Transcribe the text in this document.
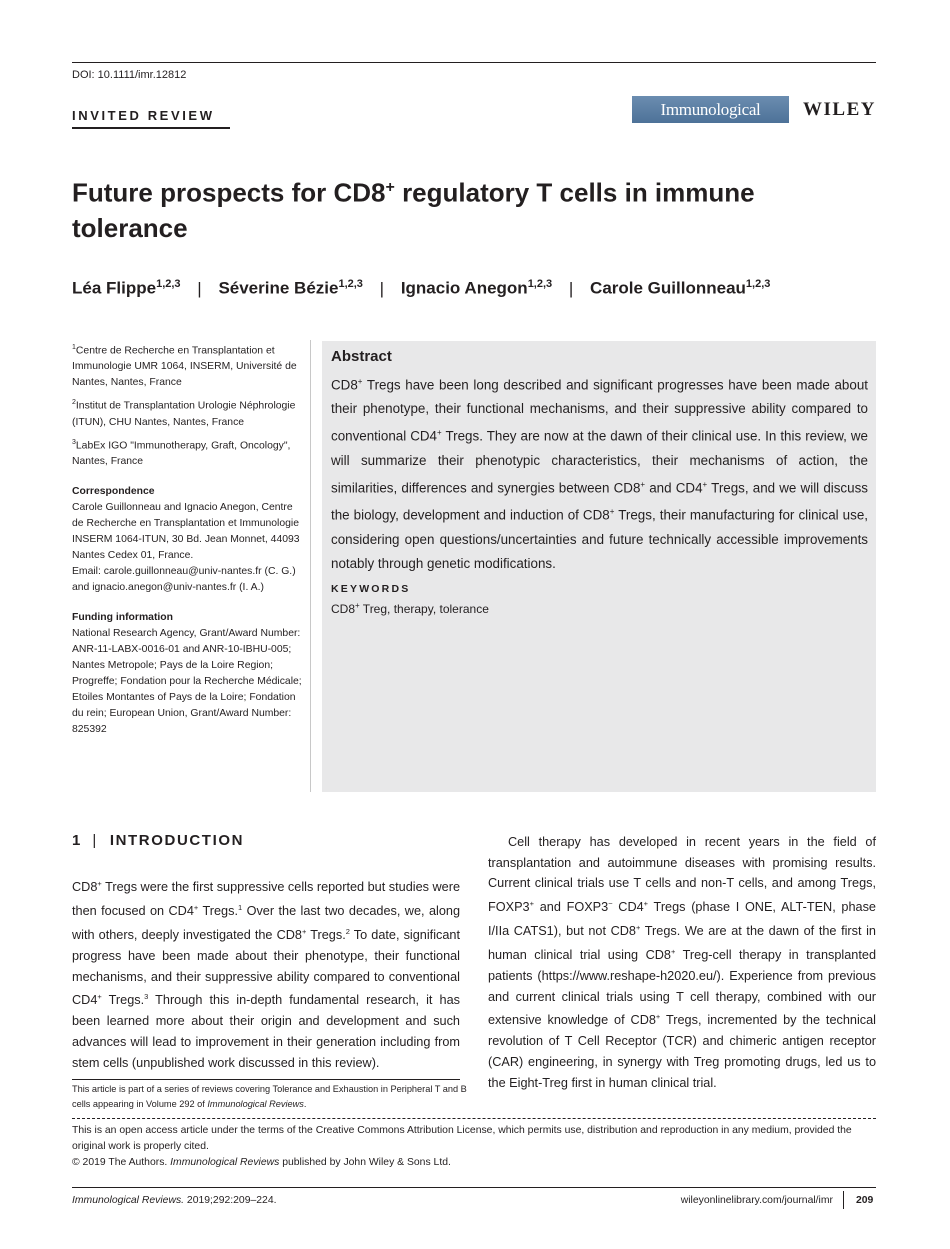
DOI: 10.1111/imr.12812
INVITED REVIEW	Immunological Reviews
WILEY
Future prospects for CD8+ regulatory T cells in immune tolerance
Léa Flippe$^{1,2,3}$ | Séverine Bézie$^{1,2,3}$ | Ignacio Anegon$^{1,2,3}$ | Carole Guillonneau$^{1,2,3}$

$^1$Centre de Recherche en Transplantation et Immunologie UMR 1064, INSERM, Université de Nantes, Nantes, France

$^2$Institut de Transplantation Urologie Néphrologie (ITUN), CHU Nantes, Nantes, France

$^3$LabEx IGO "Immunotherapy, Graft, Oncology", Nantes, France

Correspondence
Carole Guillonneau and Ignacio Anegon, Centre de Recherche en Transplantation et Immunologie INSERM 1064-ITUN, 30 Bd. Jean Monnet, 44093 Nantes Cedex 01, France.
Email: carole.guillonneau@univ-nantes.fr (C. G.) and ignacio.anegon@univ-nantes.fr (I. A.)
Funding information
National Research Agency, Grant/Award Number: ANR-11-LABX-0016-01 and ANR-10-IBHU-005; Nantes Metropole; Pays de la Loire Region; Progreffe; Fondation pour la Recherche Médicale; Etoiles Montantes of Pays de la Loire; Fondation du rein; European Union, Grant/Award Number: 825392
Abstract
CD8+ Tregs have been long described and significant progresses have been made about their phenotype, their functional mechanisms, and their suppressive ability compared to conventional CD4+ Tregs. They are now at the dawn of their clinical use. In this review, we will summarize their phenotypic characteristics, their mechanisms of action, the similarities, differences and synergies between CD8+ and CD4+ Tregs, and we will discuss the biology, development and induction of CD8+ Tregs, their manufacturing for clinical use, considering open questions/uncertainties and future technically accessible improvements notably through genetic modifications.
KEYWORDS
CD8+ Treg, therapy, tolerance
1 | INTRODUCTION
CD8+ Tregs were the first suppressive cells reported but studies were then focused on CD4+ Tregs.$^1$ Over the last two decades, we, along with others, deeply investigated the CD8+ Tregs.$^2$ To date, significant progress have been made about their phenotype, their functional mechanisms, and their suppressive ability compared to conventional CD4+ Tregs.$^3$ Through this in-depth fundamental research, it has been learned more about their origin and development and such advances will lead to improvement in their generation including from stem cells (unpublished work discussed in this review).
Cell therapy has developed in recent years in the field of transplantation and autoimmune diseases with promising results. Current clinical trials use T cells and non-T cells, and among Tregs, FOXP3+ and FOXP3− CD4+ Tregs (phase I ONE, ALT-TEN, phase I/IIa CATS1), but not CD8+ Tregs. We are at the dawn of the first in human clinical trial using CD8+ Treg-cell therapy in transplanted patients (https://www.reshape-h2020.eu/). Experience from previous and current clinical trials using T cell therapy, combined with our extensive knowledge of CD8+ Tregs, incremented by the technical revolution of T Cell Receptor (TCR) and chimeric antigen receptor (CAR) engineering, in synergy with Treg promoting drugs, led us to the Eight-Treg first in human clinical trial.
This article is part of a series of reviews covering Tolerance and Exhaustion in Peripheral T and B cells appearing in Volume 292 of Immunological Reviews.
This is an open access article under the terms of the Creative Commons Attribution License, which permits use, distribution and reproduction in any medium, provided the original work is properly cited.
© 2019 The Authors. Immunological Reviews published by John Wiley & Sons Ltd.
Immunological Reviews. 2019;292:209–224.	wileyonlinelibrary.com/journal/imr 209
